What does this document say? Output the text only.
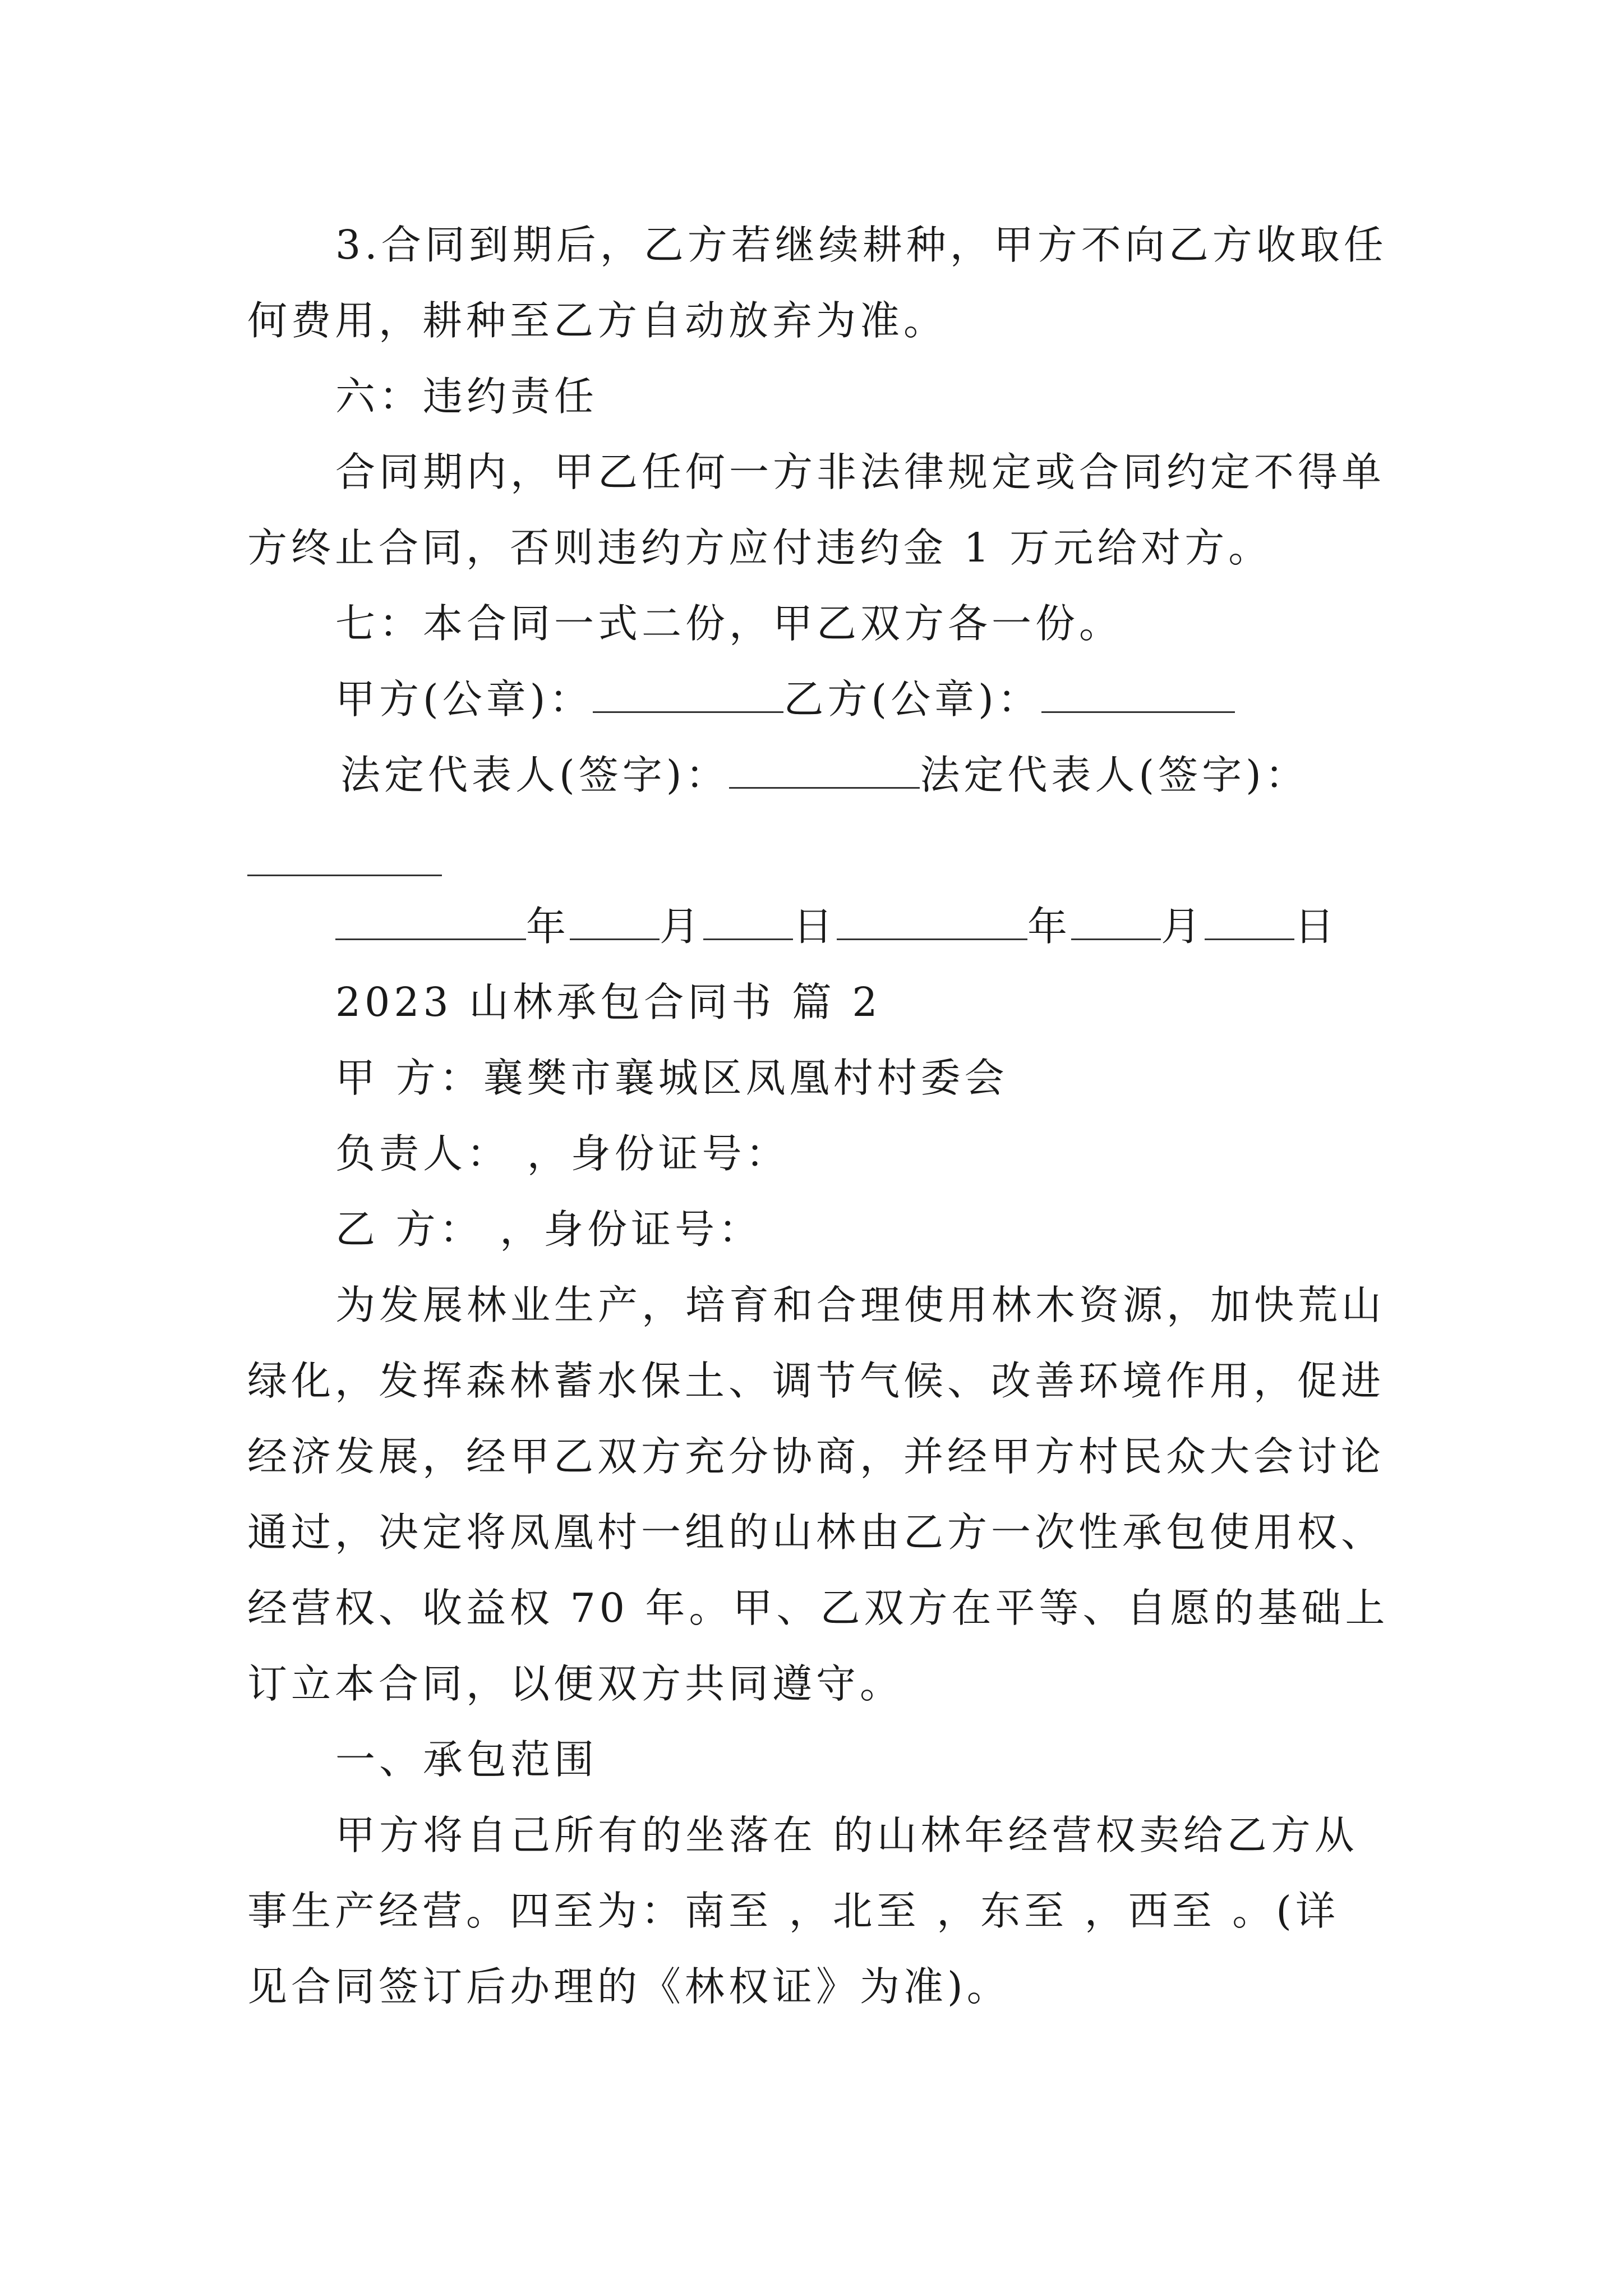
3.合同到期后，乙方若继续耕种，甲方不向乙方收取任
何费用，耕种至乙方自动放弃为准。
六：违约责任
合同期内，甲乙任何一方非法律规定或合同约定不得单
方终止合同，否则违约方应付违约金 1 万元给对方。
七：本合同一式二份，甲乙双方各一份。
甲方(公章)：	乙方(公章)：
法定代表人(签字)：	法定代表人(签字)：
年 月 日	年 月 日
2023 山林承包合同书 篇 2
甲 方：襄樊市襄城区凤凰村村委会
负责人： ，身份证号：
乙 方： ，身份证号：
为发展林业生产，培育和合理使用林木资源，加快荒山
绿化，发挥森林蓄水保土、调节气候、改善环境作用，促进
经济发展，经甲乙双方充分协商，并经甲方村民众大会讨论
通过，决定将凤凰村一组的山林由乙方一次性承包使用权、
经营权、收益权 70 年。甲、乙双方在平等、自愿的基础上
订立本合同，以便双方共同遵守。
一、承包范围
甲方将自己所有的坐落在 的山林年经营权卖给乙方从
事生产经营。四至为：南至 ，北至 ，东至 ，西至 。(详
见合同签订后办理的《林权证》为准)。
